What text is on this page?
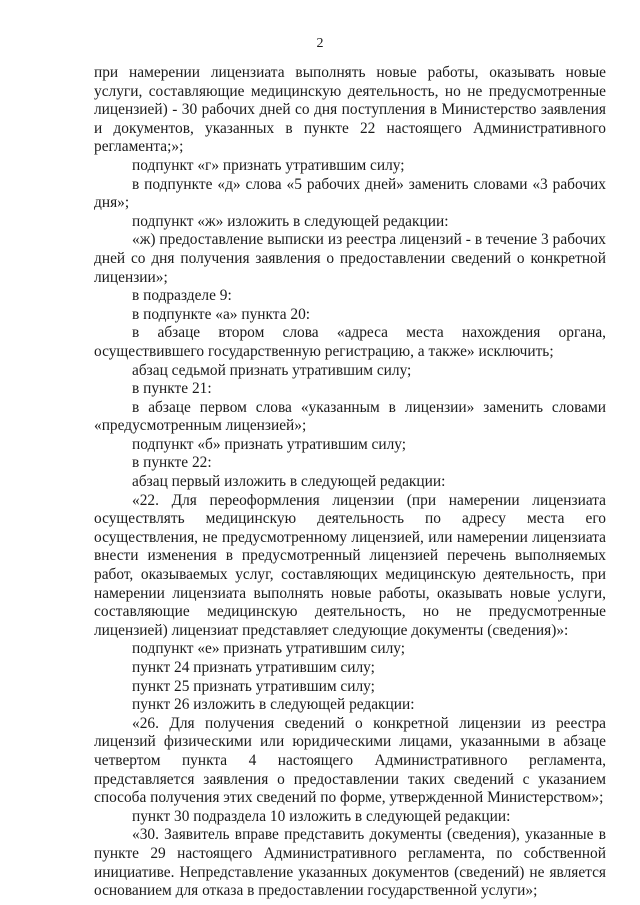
2

при намерении лицензиата выполнять новые работы, оказывать новые услуги, составляющие медицинскую деятельность, но не предусмотренные лицензией) - 30 рабочих дней со дня поступления в Министерство заявления и документов, указанных в пункте 22 настоящего Административного регламента;»;

подпункт «г» признать утратившим силу;

в подпункте «д» слова «5 рабочих дней» заменить словами «3 рабочих дня»;

подпункт «ж» изложить в следующей редакции:

«ж) предоставление выписки из реестра лицензий - в течение 3 рабочих дней со дня получения заявления о предоставлении сведений о конкретной лицензии»;

в подразделе 9:

в подпункте «а» пункта 20:

в абзаце втором слова «адреса места нахождения органа, осуществившего государственную регистрацию, а также» исключить;

абзац седьмой признать утратившим силу;

в пункте 21:

в абзаце первом слова «указанным в лицензии» заменить словами «предусмотренным лицензией»;

подпункт «б» признать утратившим силу;

в пункте 22:

абзац первый изложить в следующей редакции:

«22. Для переоформления лицензии (при намерении лицензиата осуществлять медицинскую деятельность по адресу места его осуществления, не предусмотренному лицензией, или намерении лицензиата внести изменения в предусмотренный лицензией перечень выполняемых работ, оказываемых услуг, составляющих медицинскую деятельность, при намерении лицензиата выполнять новые работы, оказывать новые услуги, составляющие медицинскую деятельность, но не предусмотренные лицензией) лицензиат представляет следующие документы (сведения)»:

подпункт «е» признать утратившим силу;

пункт 24 признать утратившим силу;

пункт 25 признать утратившим силу;

пункт 26 изложить в следующей редакции:

«26. Для получения сведений о конкретной лицензии из реестра лицензий физическими или юридическими лицами, указанными в абзаце четвертом пункта 4 настоящего Административного регламента, представляется заявления о предоставлении таких сведений с указанием способа получения этих сведений по форме, утвержденной Министерством»;

пункт 30 подраздела 10 изложить в следующей редакции:

«30. Заявитель вправе представить документы (сведения), указанные в пункте 29 настоящего Административного регламента, по собственной инициативе. Непредставление указанных документов (сведений) не является основанием для отказа в предоставлении государственной услуги»;
